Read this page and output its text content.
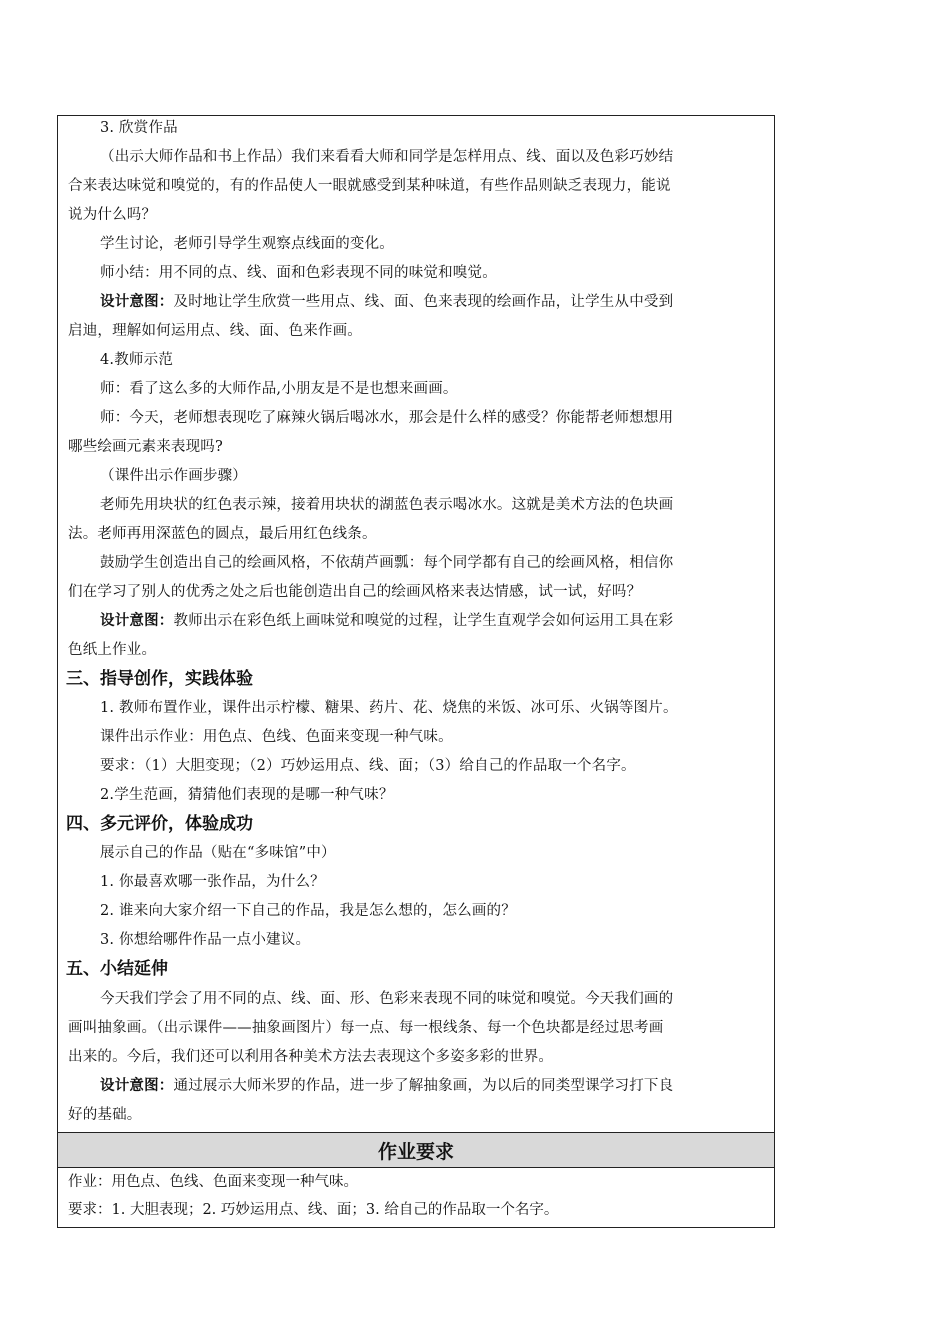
3. 欣赏作品
（出示大师作品和书上作品）我们来看看大师和同学是怎样用点、线、面以及色彩巧妙结
合来表达味觉和嗅觉的，有的作品使人一眼就感受到某种味道，有些作品则缺乏表现力，能说
说为什么吗？
学生讨论，老师引导学生观察点线面的变化。
师小结：用不同的点、线、面和色彩表现不同的味觉和嗅觉。
设计意图：及时地让学生欣赏一些用点、线、面、色来表现的绘画作品，让学生从中受到
启迪，理解如何运用点、线、面、色来作画。
4.教师示范
师：看了这么多的大师作品,小朋友是不是也想来画画。
师：今天，老师想表现吃了麻辣火锅后喝冰水，那会是什么样的感受？你能帮老师想想用
哪些绘画元素来表现吗?
（课件出示作画步骤）
老师先用块状的红色表示辣，接着用块状的湖蓝色表示喝冰水。这就是美术方法的色块画
法。老师再用深蓝色的圆点，最后用红色线条。
鼓励学生创造出自己的绘画风格，不依葫芦画瓢：每个同学都有自己的绘画风格，相信你
们在学习了别人的优秀之处之后也能创造出自己的绘画风格来表达情感，试一试，好吗？
设计意图：教师出示在彩色纸上画味觉和嗅觉的过程，让学生直观学会如何运用工具在彩
色纸上作业。
三、指导创作，实践体验
1. 教师布置作业，课件出示柠檬、糖果、药片、花、烧焦的米饭、冰可乐、火锅等图片。
课件出示作业：用色点、色线、色面来变现一种气味。
要求：（1）大胆变现；（2）巧妙运用点、线、面；（3）给自己的作品取一个名字。
2.学生范画，猜猜他们表现的是哪一种气味？
四、多元评价，体验成功
展示自己的作品（贴在“多味馆”中）
1. 你最喜欢哪一张作品，为什么？
2. 谁来向大家介绍一下自己的作品，我是怎么想的，怎么画的？
3. 你想给哪件作品一点小建议。
五、小结延伸
今天我们学会了用不同的点、线、面、形、色彩来表现不同的味觉和嗅觉。今天我们画的
画叫抽象画。（出示课件——抽象画图片）每一点、每一根线条、每一个色块都是经过思考画
出来的。今后，我们还可以利用各种美术方法去表现这个多姿多彩的世界。
设计意图：通过展示大师米罗的作品，进一步了解抽象画，为以后的同类型课学习打下良
好的基础。
作业要求
作业：用色点、色线、色面来变现一种气味。
要求：1. 大胆表现；2. 巧妙运用点、线、面；3. 给自己的作品取一个名字。
